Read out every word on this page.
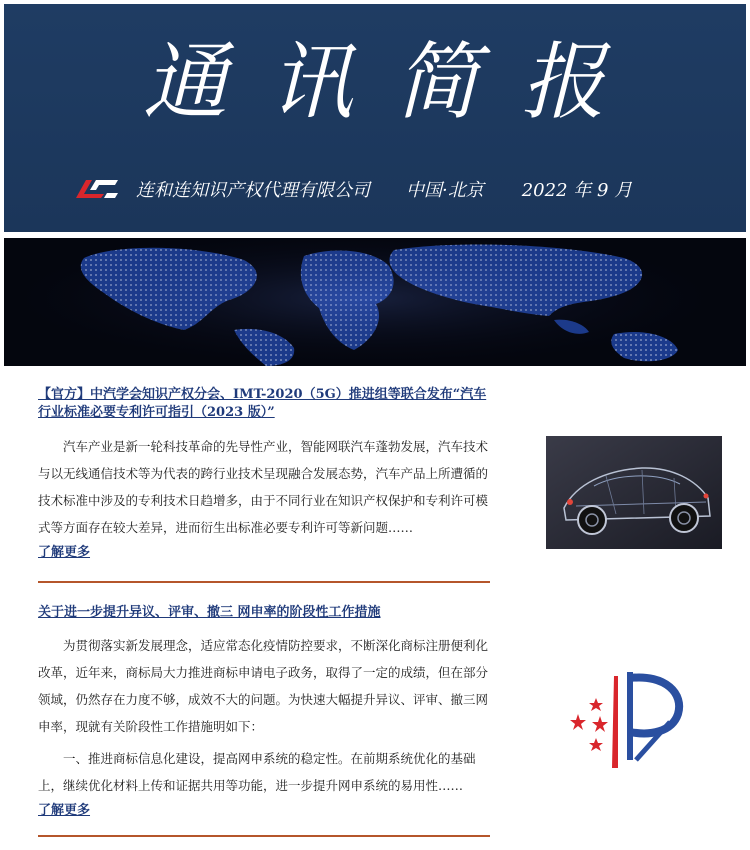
通讯简报
连和连知识产权代理有限公司 中国·北京 2022 年 9 月

【官方】中汽学会知识产权分会、IMT-2020（5G）推进组等联合发布“汽车行业标准必要专利许可指引（2023 版）”

汽车产业是新一轮科技革命的先导性产业，智能网联汽车蓬勃发展，汽车技术与以无线通信技术等为代表的跨行业技术呈现融合发展态势，汽车产品上所遭循的技术标准中涉及的专利技术日趋增多，由于不同行业在知识产权保护和专利许可模式等方面存在较大差异，进而衍生出标准必要专利许可等新问题……

了解更多

关于进一步提升异议、评审、撤三 网申率的阶段性工作措施

为贯彻落实新发展理念，适应常态化疫情防控要求，不断深化商标注册便利化改革，近年来，商标局大力推进商标申请电子政务，取得了一定的成绩，但在部分领域，仍然存在力度不够，成效不大的问题。为快速大幅提升异议、评审、撤三网申率，现就有关阶段性工作措施明如下：

一、推进商标信息化建设，提高网申系统的稳定性。在前期系统优化的基础上，继续优化材料上传和证据共用等功能，进一步提升网申系统的易用性……

了解更多
